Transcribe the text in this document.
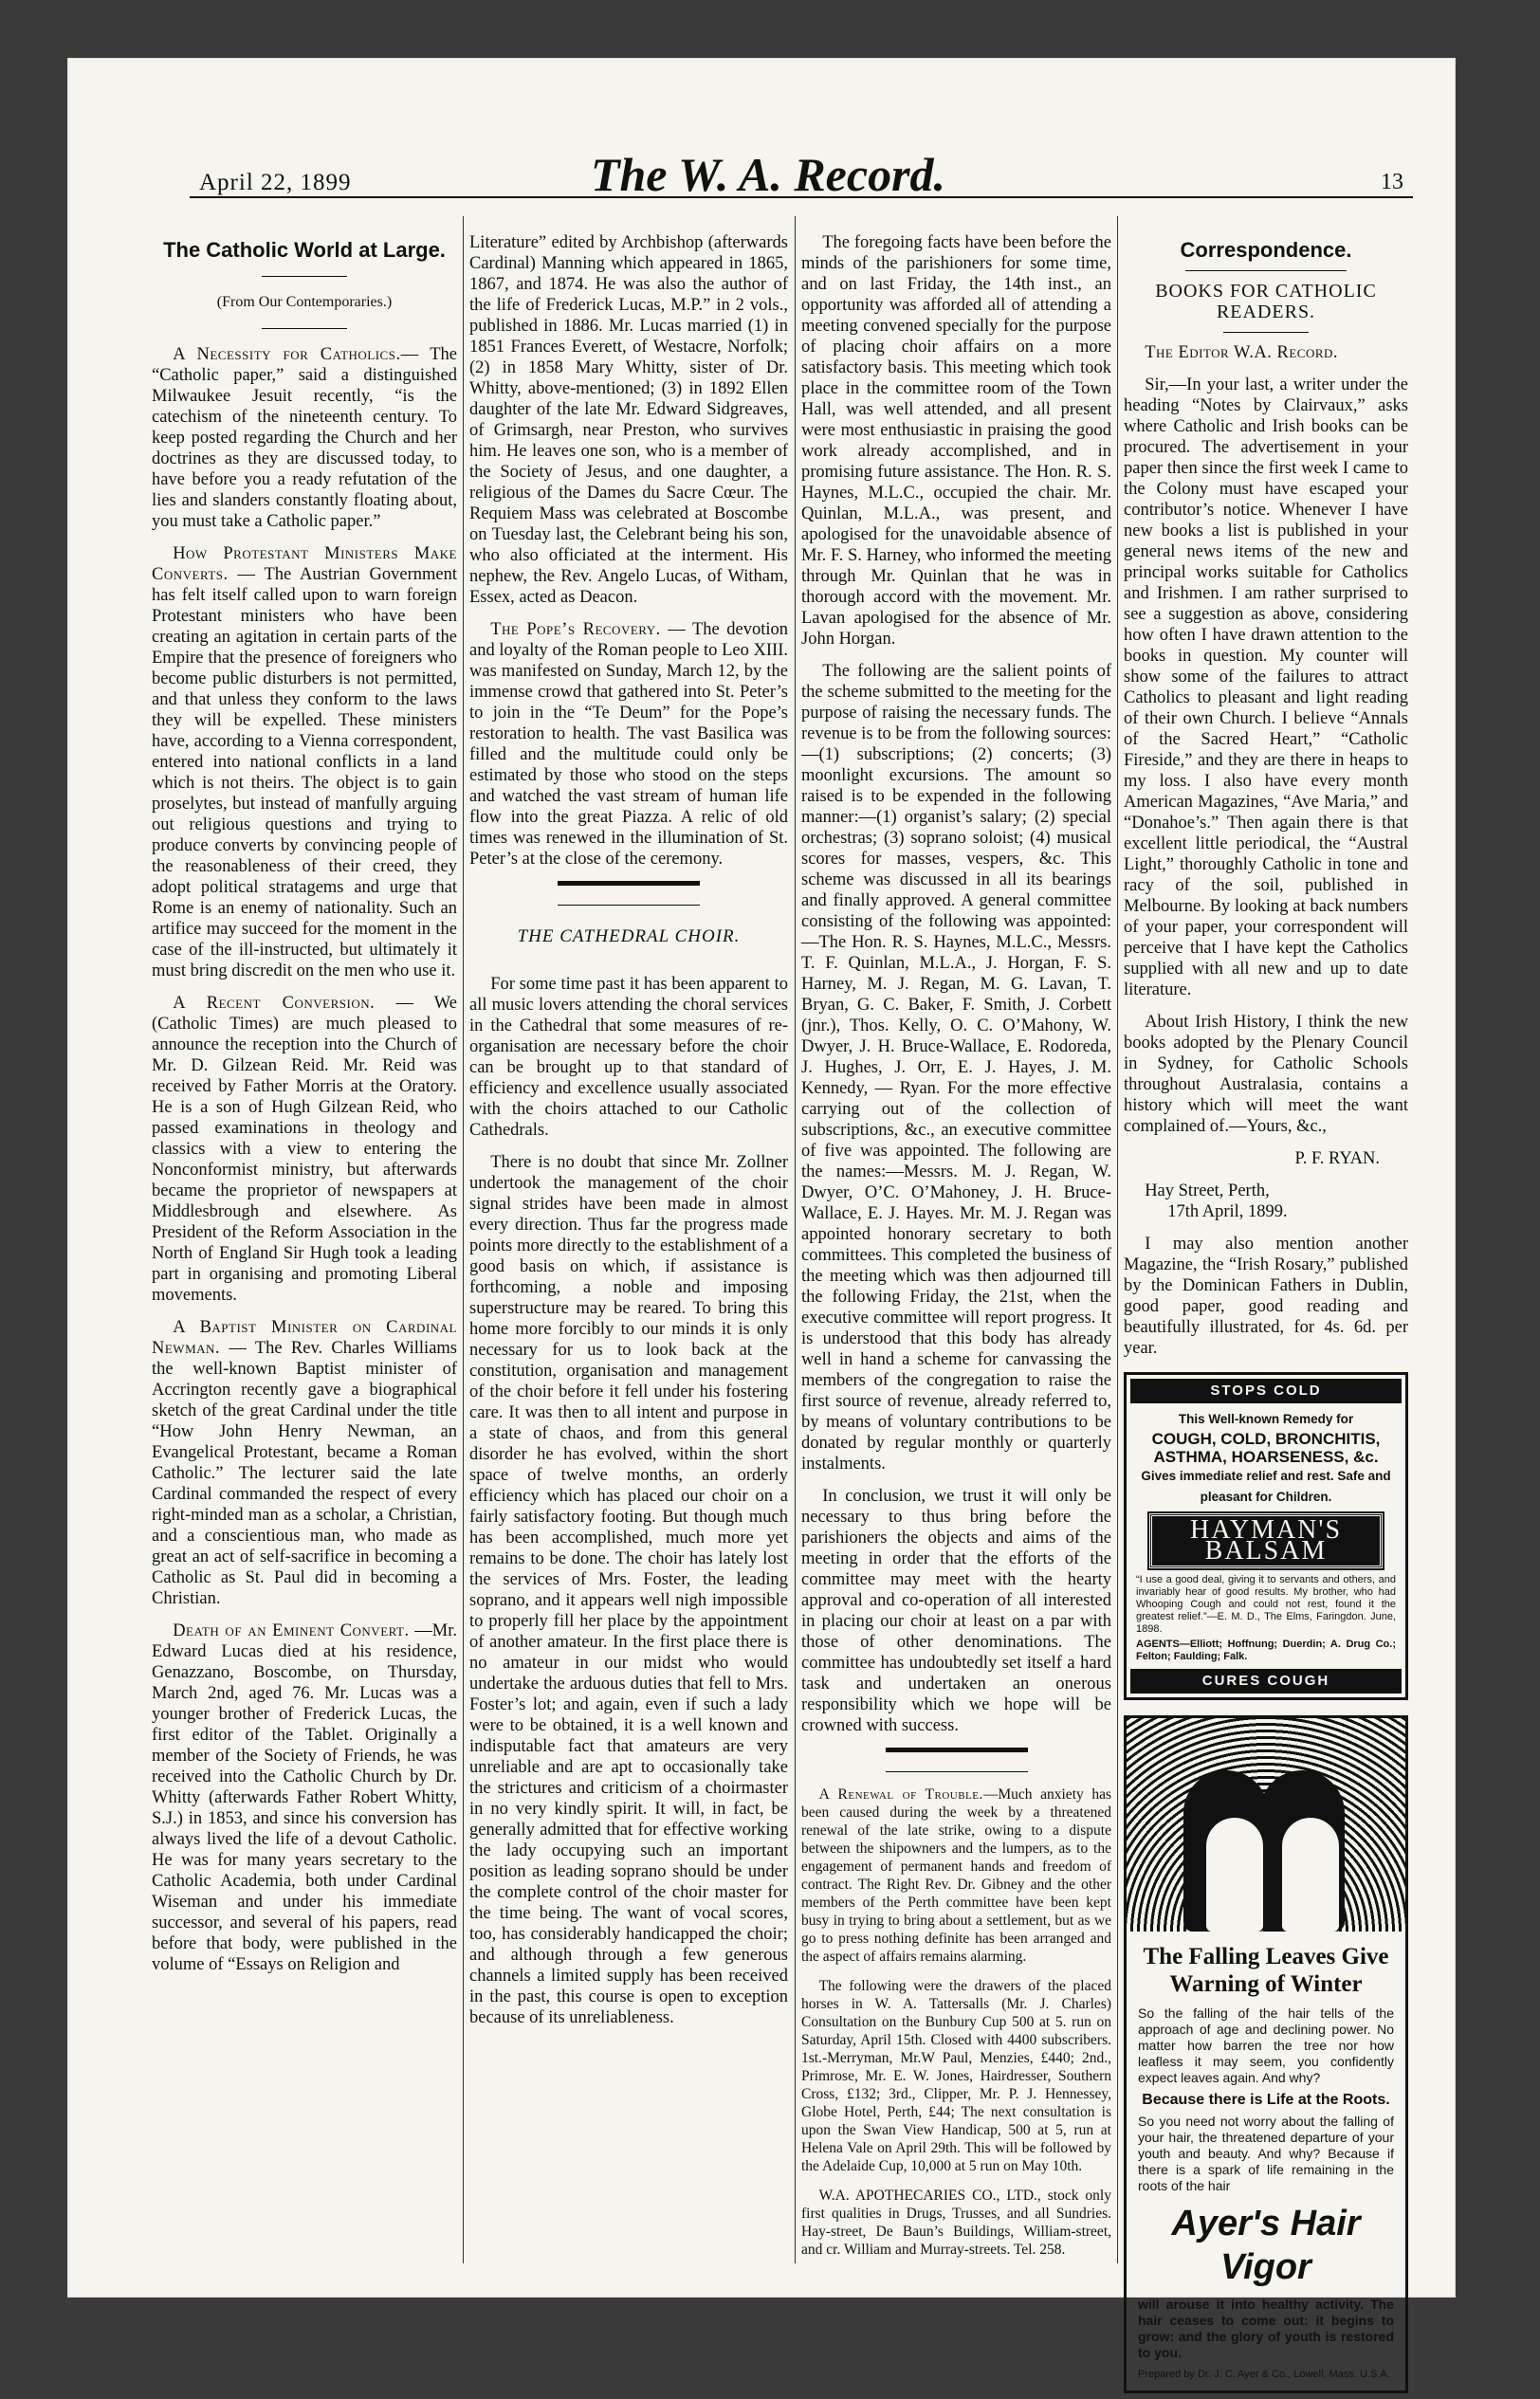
April 22, 1899	The W. A. Record.	13
The Catholic World at Large.
(From Our Contemporaries.)

A Necessity for Catholics.— The “Catholic paper,” said a distinguished Milwaukee Jesuit recently, “is the catechism of the nineteenth century. To keep posted regarding the Church and her doctrines as they are discussed today, to have before you a ready refutation of the lies and slanders constantly floating about, you must take a Catholic paper.”

How Protestant Ministers Make Converts. — The Austrian Government has felt itself called upon to warn foreign Protestant ministers who have been creating an agitation in certain parts of the Empire that the presence of foreigners who become public disturbers is not permitted, and that unless they conform to the laws they will be expelled. These ministers have, according to a Vienna correspondent, entered into national conflicts in a land which is not theirs. The object is to gain proselytes, but instead of manfully arguing out religious questions and trying to produce converts by convincing people of the reasonableness of their creed, they adopt political stratagems and urge that Rome is an enemy of nationality. Such an artifice may succeed for the moment in the case of the ill-instructed, but ultimately it must bring discredit on the men who use it.

A Recent Conversion. — We (Catholic Times) are much pleased to announce the reception into the Church of Mr. D. Gilzean Reid. Mr. Reid was received by Father Morris at the Oratory. He is a son of Hugh Gilzean Reid, who passed examinations in theology and classics with a view to entering the Nonconformist ministry, but afterwards became the proprietor of newspapers at Middlesbrough and elsewhere. As President of the Reform Association in the North of England Sir Hugh took a leading part in organising and promoting Liberal movements.

A Baptist Minister on Cardinal Newman. — The Rev. Charles Williams the well-known Baptist minister of Accrington recently gave a biographical sketch of the great Cardinal under the title “How John Henry Newman, an Evangelical Protestant, became a Roman Catholic.” The lecturer said the late Cardinal commanded the respect of every right-minded man as a scholar, a Christian, and a conscientious man, who made as great an act of self-sacrifice in becoming a Catholic as St. Paul did in becoming a Christian.

Death of an Eminent Convert. —Mr. Edward Lucas died at his residence, Genazzano, Boscombe, on Thursday, March 2nd, aged 76. Mr. Lucas was a younger brother of Frederick Lucas, the first editor of the Tablet. Originally a member of the Society of Friends, he was received into the Catholic Church by Dr. Whitty (afterwards Father Robert Whitty, S.J.) in 1853, and since his conversion has always lived the life of a devout Catholic. He was for many years secretary to the Catholic Academia, both under Cardinal Wiseman and under his immediate successor, and several of his papers, read before that body, were published in the volume of “Essays on Religion and

Literature” edited by Archbishop (afterwards Cardinal) Manning which appeared in 1865, 1867, and 1874. He was also the author of the life of Frederick Lucas, M.P.” in 2 vols., published in 1886. Mr. Lucas married (1) in 1851 Frances Everett, of Westacre, Norfolk; (2) in 1858 Mary Whitty, sister of Dr. Whitty, above-mentioned; (3) in 1892 Ellen daughter of the late Mr. Edward Sidgreaves, of Grimsargh, near Preston, who survives him. He leaves one son, who is a member of the Society of Jesus, and one daughter, a religious of the Dames du Sacre Cœur. The Requiem Mass was celebrated at Boscombe on Tuesday last, the Celebrant being his son, who also officiated at the interment. His nephew, the Rev. Angelo Lucas, of Witham, Essex, acted as Deacon.

The Pope’s Recovery. — The devotion and loyalty of the Roman people to Leo XIII. was manifested on Sunday, March 12, by the immense crowd that gathered into St. Peter’s to join in the “Te Deum” for the Pope’s restoration to health. The vast Basilica was filled and the multitude could only be estimated by those who stood on the steps and watched the vast stream of human life flow into the great Piazza. A relic of old times was renewed in the illumination of St. Peter’s at the close of the ceremony.

THE CATHEDRAL CHOIR.

For some time past it has been apparent to all music lovers attending the choral services in the Cathedral that some measures of re-organisation are necessary before the choir can be brought up to that standard of efficiency and excellence usually associated with the choirs attached to our Catholic Cathedrals.

There is no doubt that since Mr. Zollner undertook the management of the choir signal strides have been made in almost every direction. Thus far the progress made points more directly to the establishment of a good basis on which, if assistance is forthcoming, a noble and imposing superstructure may be reared. To bring this home more forcibly to our minds it is only necessary for us to look back at the constitution, organisation and management of the choir before it fell under his fostering care. It was then to all intent and purpose in a state of chaos, and from this general disorder he has evolved, within the short space of twelve months, an orderly efficiency which has placed our choir on a fairly satisfactory footing. But though much has been accomplished, much more yet remains to be done. The choir has lately lost the services of Mrs. Foster, the leading soprano, and it appears well nigh impossible to properly fill her place by the appointment of another amateur. In the first place there is no amateur in our midst who would undertake the arduous duties that fell to Mrs. Foster’s lot; and again, even if such a lady were to be obtained, it is a well known and indisputable fact that amateurs are very unreliable and are apt to occasionally take the strictures and criticism of a choirmaster in no very kindly spirit. It will, in fact, be generally admitted that for effective working the lady occupying such an important position as leading soprano should be under the complete control of the choir master for the time being. The want of vocal scores, too, has considerably handicapped the choir; and although through a few generous channels a limited supply has been received in the past, this course is open to exception because of its unreliableness.

The foregoing facts have been before the minds of the parishioners for some time, and on last Friday, the 14th inst., an opportunity was afforded all of attending a meeting convened specially for the purpose of placing choir affairs on a more satisfactory basis. This meeting which took place in the committee room of the Town Hall, was well attended, and all present were most enthusiastic in praising the good work already accomplished, and in promising future assistance. The Hon. R. S. Haynes, M.L.C., occupied the chair. Mr. Quinlan, M.L.A., was present, and apologised for the unavoidable absence of Mr. F. S. Harney, who informed the meeting through Mr. Quinlan that he was in thorough accord with the movement. Mr. Lavan apologised for the absence of Mr. John Horgan.

The following are the salient points of the scheme submitted to the meeting for the purpose of raising the necessary funds. The revenue is to be from the following sources:—(1) subscriptions; (2) concerts; (3) moonlight excursions. The amount so raised is to be expended in the following manner:—(1) organist’s salary; (2) special orchestras; (3) soprano soloist; (4) musical scores for masses, vespers, &c. This scheme was discussed in all its bearings and finally approved. A general committee consisting of the following was appointed:—The Hon. R. S. Haynes, M.L.C., Messrs. T. F. Quinlan, M.L.A., J. Horgan, F. S. Harney, M. J. Regan, M. G. Lavan, T. Bryan, G. C. Baker, F. Smith, J. Corbett (jnr.), Thos. Kelly, O. C. O’Mahony, W. Dwyer, J. H. Bruce-Wallace, E. Rodoreda, J. Hughes, J. Orr, E. J. Hayes, J. M. Kennedy, — Ryan. For the more effective carrying out of the collection of subscriptions, &c., an executive committee of five was appointed. The following are the names:—Messrs. M. J. Regan, W. Dwyer, O’C. O’Mahoney, J. H. Bruce-Wallace, E. J. Hayes. Mr. M. J. Regan was appointed honorary secretary to both committees. This completed the business of the meeting which was then adjourned till the following Friday, the 21st, when the executive committee will report progress. It is understood that this body has already well in hand a scheme for canvassing the members of the congregation to raise the first source of revenue, already referred to, by means of voluntary contributions to be donated by regular monthly or quarterly instalments.

In conclusion, we trust it will only be necessary to thus bring before the parishioners the objects and aims of the meeting in order that the efforts of the committee may meet with the hearty approval and co-operation of all interested in placing our choir at least on a par with those of other denominations. The committee has undoubtedly set itself a hard task and undertaken an onerous responsibility which we hope will be crowned with success.

A Renewal of Trouble.—Much anxiety has been caused during the week by a threatened renewal of the late strike, owing to a dispute between the shipowners and the lumpers, as to the engagement of permanent hands and freedom of contract. The Right Rev. Dr. Gibney and the other members of the Perth committee have been kept busy in trying to bring about a settlement, but as we go to press nothing definite has been arranged and the aspect of affairs remains alarming.

The following were the drawers of the placed horses in W. A. Tattersalls (Mr. J. Charles) Consultation on the Bunbury Cup 500 at 5. run on Saturday, April 15th. Closed with 4400 subscribers. 1st.-Merryman, Mr.W Paul, Menzies, £440; 2nd., Primrose, Mr. E. W. Jones, Hairdresser, Southern Cross, £132; 3rd., Clipper, Mr. P. J. Hennessey, Globe Hotel, Perth, £44; The next consultation is upon the Swan View Handicap, 500 at 5, run at Helena Vale on April 29th. This will be followed by the Adelaide Cup, 10,000 at 5 run on May 10th.

W.A. APOTHECARIES CO., LTD., stock only first qualities in Drugs, Trusses, and all Sundries. Hay-street, De Baun’s Buildings, William-street, and cr. William and Murray-streets. Tel. 258.

Correspondence.
BOOKS FOR CATHOLIC READERS.

The Editor W.A. Record.

Sir,—In your last, a writer under the heading “Notes by Clairvaux,” asks where Catholic and Irish books can be procured. The advertisement in your paper then since the first week I came to the Colony must have escaped your contributor’s notice. Whenever I have new books a list is published in your general news items of the new and principal works suitable for Catholics and Irishmen. I am rather surprised to see a suggestion as above, considering how often I have drawn attention to the books in question. My counter will show some of the failures to attract Catholics to pleasant and light reading of their own Church. I believe “Annals of the Sacred Heart,” “Catholic Fireside,” and they are there in heaps to my loss. I also have every month American Magazines, “Ave Maria,” and “Donahoe’s.” Then again there is that excellent little periodical, the “Austral Light,” thoroughly Catholic in tone and racy of the soil, published in Melbourne. By looking at back numbers of your paper, your correspondent will perceive that I have kept the Catholics supplied with all new and up to date literature.

About Irish History, I think the new books adopted by the Plenary Council in Sydney, for Catholic Schools throughout Australasia, contains a history which will meet the want complained of.—Yours, &c.,

P. F. RYAN.

Hay Street, Perth,

17th April, 1899.

I may also mention another Magazine, the “Irish Rosary,” published by the Dominican Fathers in Dublin, good paper, good reading and beautifully illustrated, for 4s. 6d. per year.

STOPS COLD
This Well-known Remedy for
COUGH, COLD, BRONCHITIS, ASTHMA, HOARSENESS, &c.
Gives immediate relief and rest. Safe and pleasant for Children.
HAYMAN'S BALSAM
“I use a good deal, giving it to servants and others, and invariably hear of good results. My brother, who had Whooping Cough and could not rest, found it the greatest relief.”—E. M. D., The Elms, Faringdon. June, 1898.
AGENTS—Elliott; Hoffnung; Duerdin; A. Drug Co.; Felton; Faulding; Falk.
CURES COUGH
The Falling Leaves Give Warning of Winter
So the falling of the hair tells of the approach of age and declining power. No matter how barren the tree nor how leafless it may seem, you confidently expect leaves again. And why?
Because there is Life at the Roots.
So you need not worry about the falling of your hair, the threatened departure of your youth and beauty. And why? Because if there is a spark of life remaining in the roots of the hair
Ayer's Hair Vigor
will arouse it into healthy activity. The hair ceases to come out: it begins to grow: and the glory of youth is restored to you.
Prepared by Dr. J. C. Ayer & Co., Lowell, Mass. U.S.A.
